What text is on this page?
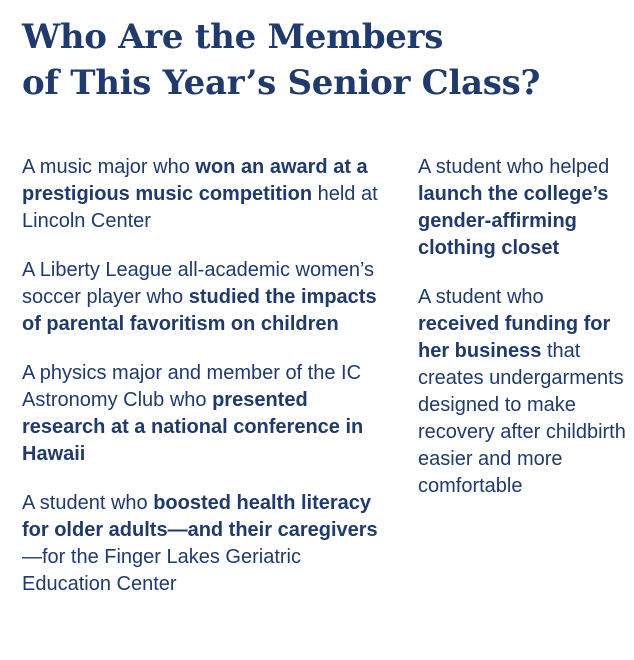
Who Are the Members
of This Year’s Senior Class?

A music major who won an award at a prestigious music competition held at Lincoln Center

A Liberty League all-academic women’s soccer player who studied the impacts of parental favoritism on children

A physics major and member of the IC Astronomy Club who presented research at a national conference in Hawaii

A student who boosted health literacy for older adults—and their caregivers—for the Finger Lakes Geriatric Education Center

A student who helped launch the college’s gender-affirming clothing closet

A student who received funding for her business that creates undergarments designed to make recovery after childbirth easier and more comfortable
